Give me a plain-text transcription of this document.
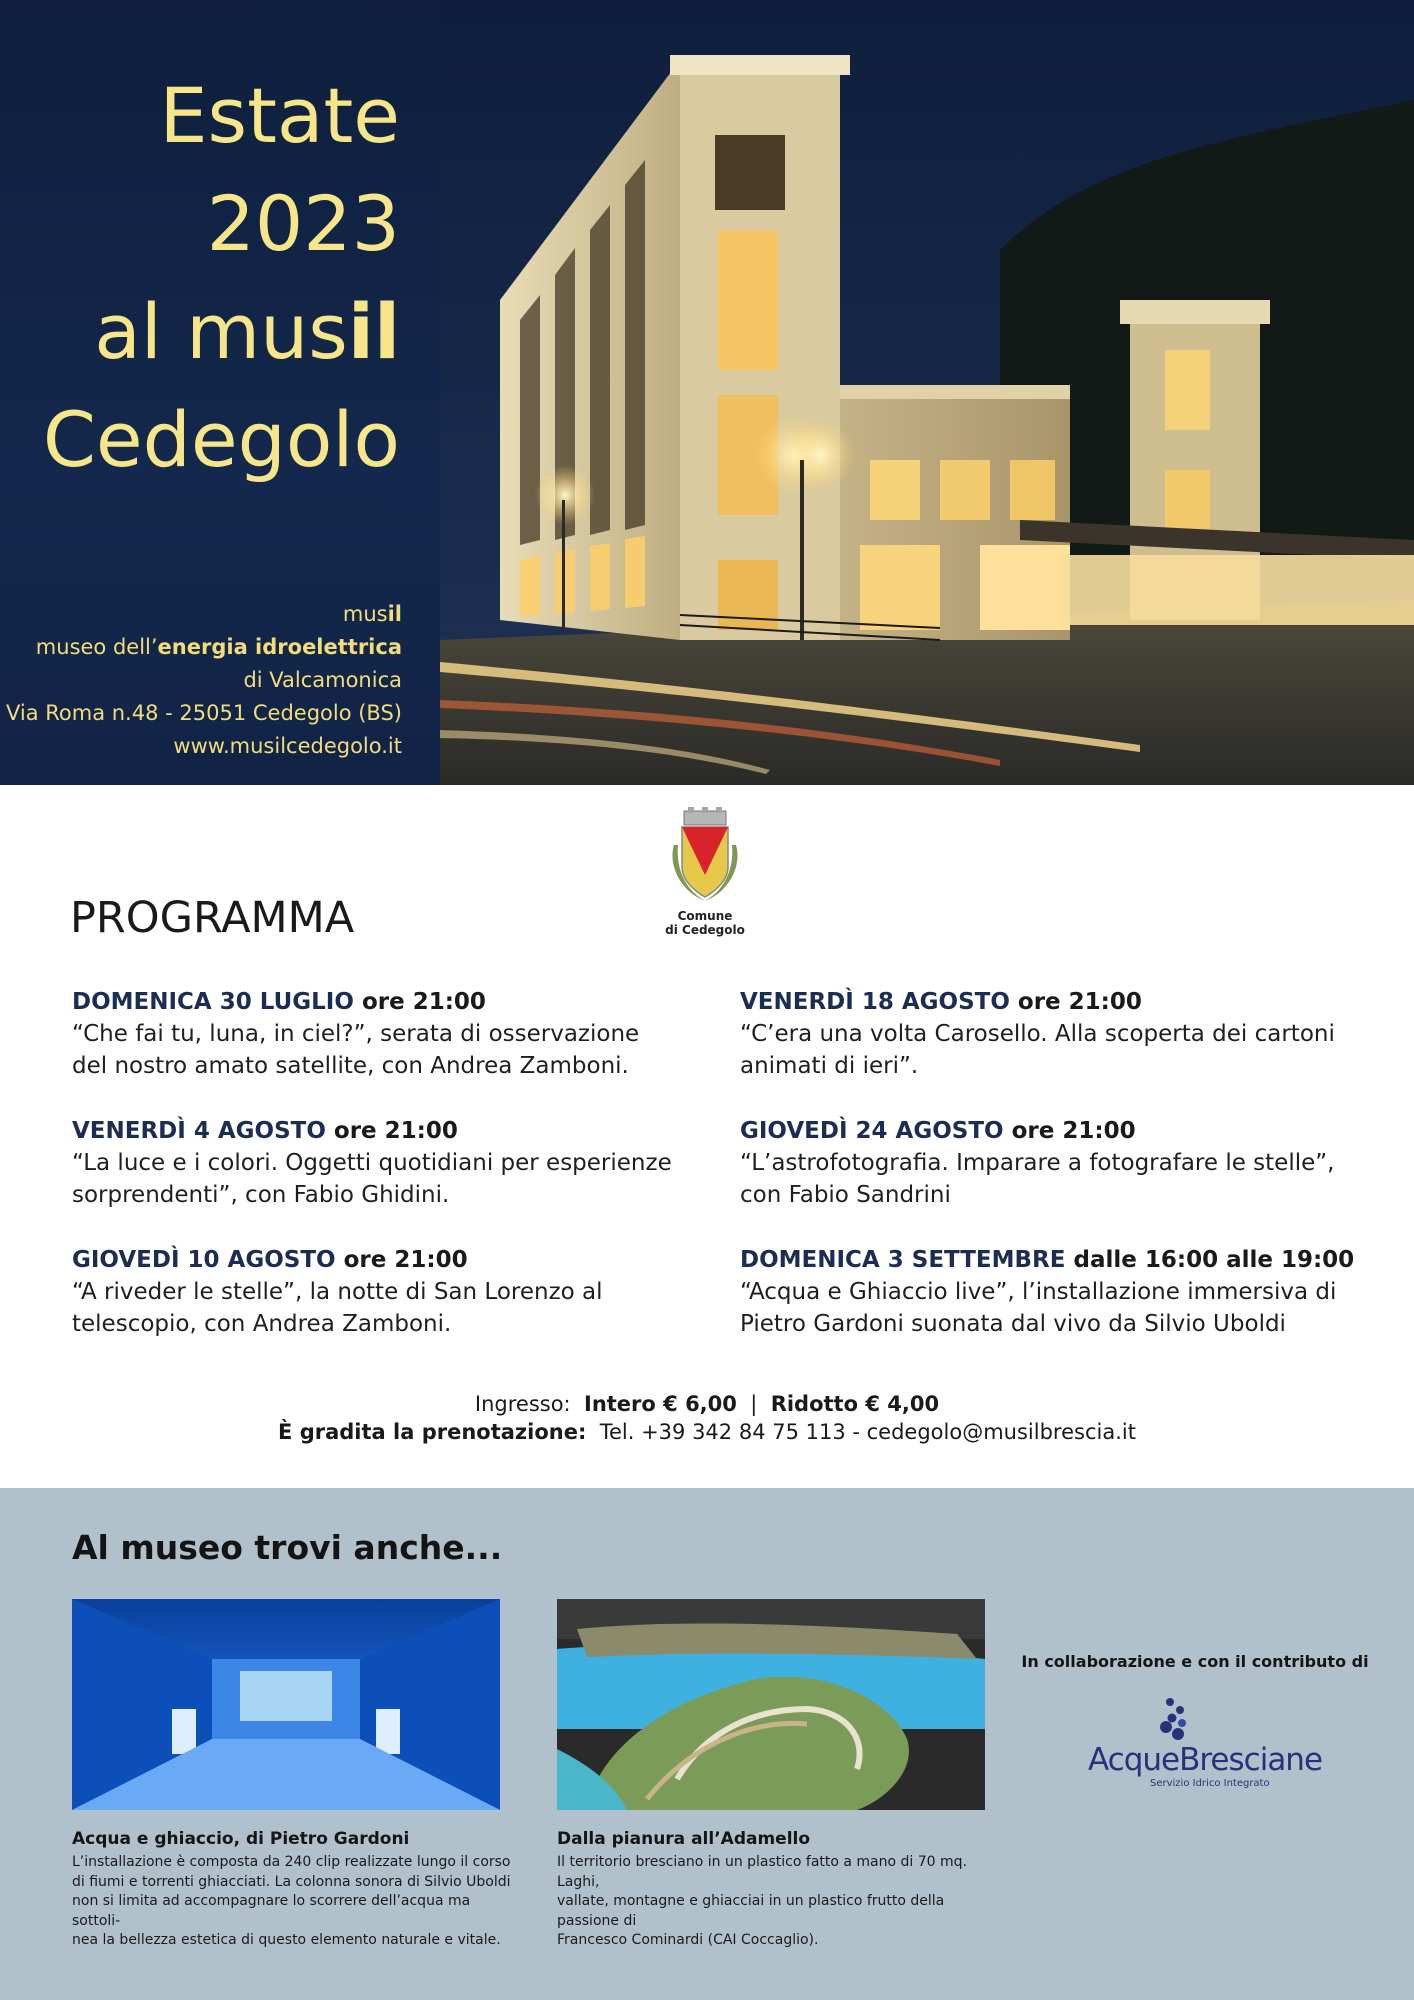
Estate
2023
al musil
Cedegolo
musil
museo dell’energia idroelettrica
di Valcamonica
Via Roma n.48 - 25051 Cedegolo (BS)
www.musilcedegolo.it
Comune
di Cedegolo
PROGRAMMA
DOMENICA 30 LUGLIO ore 21:00
“Che fai tu, luna, in ciel?”, serata di osservazione del nostro amato satellite, con Andrea Zamboni.
VENERDÌ 4 AGOSTO ore 21:00
“La luce e i colori. Oggetti quotidiani per esperienze sorprendenti”, con Fabio Ghidini.
GIOVEDÌ 10 AGOSTO ore 21:00
“A riveder le stelle”, la notte di San Lorenzo al telescopio, con Andrea Zamboni.
VENERDÌ 18 AGOSTO ore 21:00
“C’era una volta Carosello. Alla scoperta dei cartoni animati di ieri”.
GIOVEDÌ 24 AGOSTO ore 21:00
“L’astrofotografia. Imparare a fotografare le stelle”, con Fabio Sandrini
DOMENICA 3 SETTEMBRE dalle 16:00 alle 19:00
“Acqua e Ghiaccio live”, l’installazione immersiva di Pietro Gardoni suonata dal vivo da Silvio Uboldi
Ingresso: Intero € 6,00 | Ridotto € 4,00
È gradita la prenotazione: Tel. +39 342 84 75 113 - cedegolo@musilbrescia.it
Al museo trovi anche...
Acqua e ghiaccio, di Pietro Gardoni
L’installazione è composta da 240 clip realizzate lungo il corso
di fiumi e torrenti ghiacciati. La colonna sonora di Silvio Uboldi
non si limita ad accompagnare lo scorrere dell’acqua ma sottoli-
nea la bellezza estetica di questo elemento naturale e vitale.
Dalla pianura all’Adamello
Il territorio bresciano in un plastico fatto a mano di 70 mq. Laghi,
vallate, montagne e ghiacciai in un plastico frutto della passione di
Francesco Cominardi (CAI Coccaglio).
In collaborazione e con il contributo di
AcqueBresciane
Servizio Idrico Integrato
